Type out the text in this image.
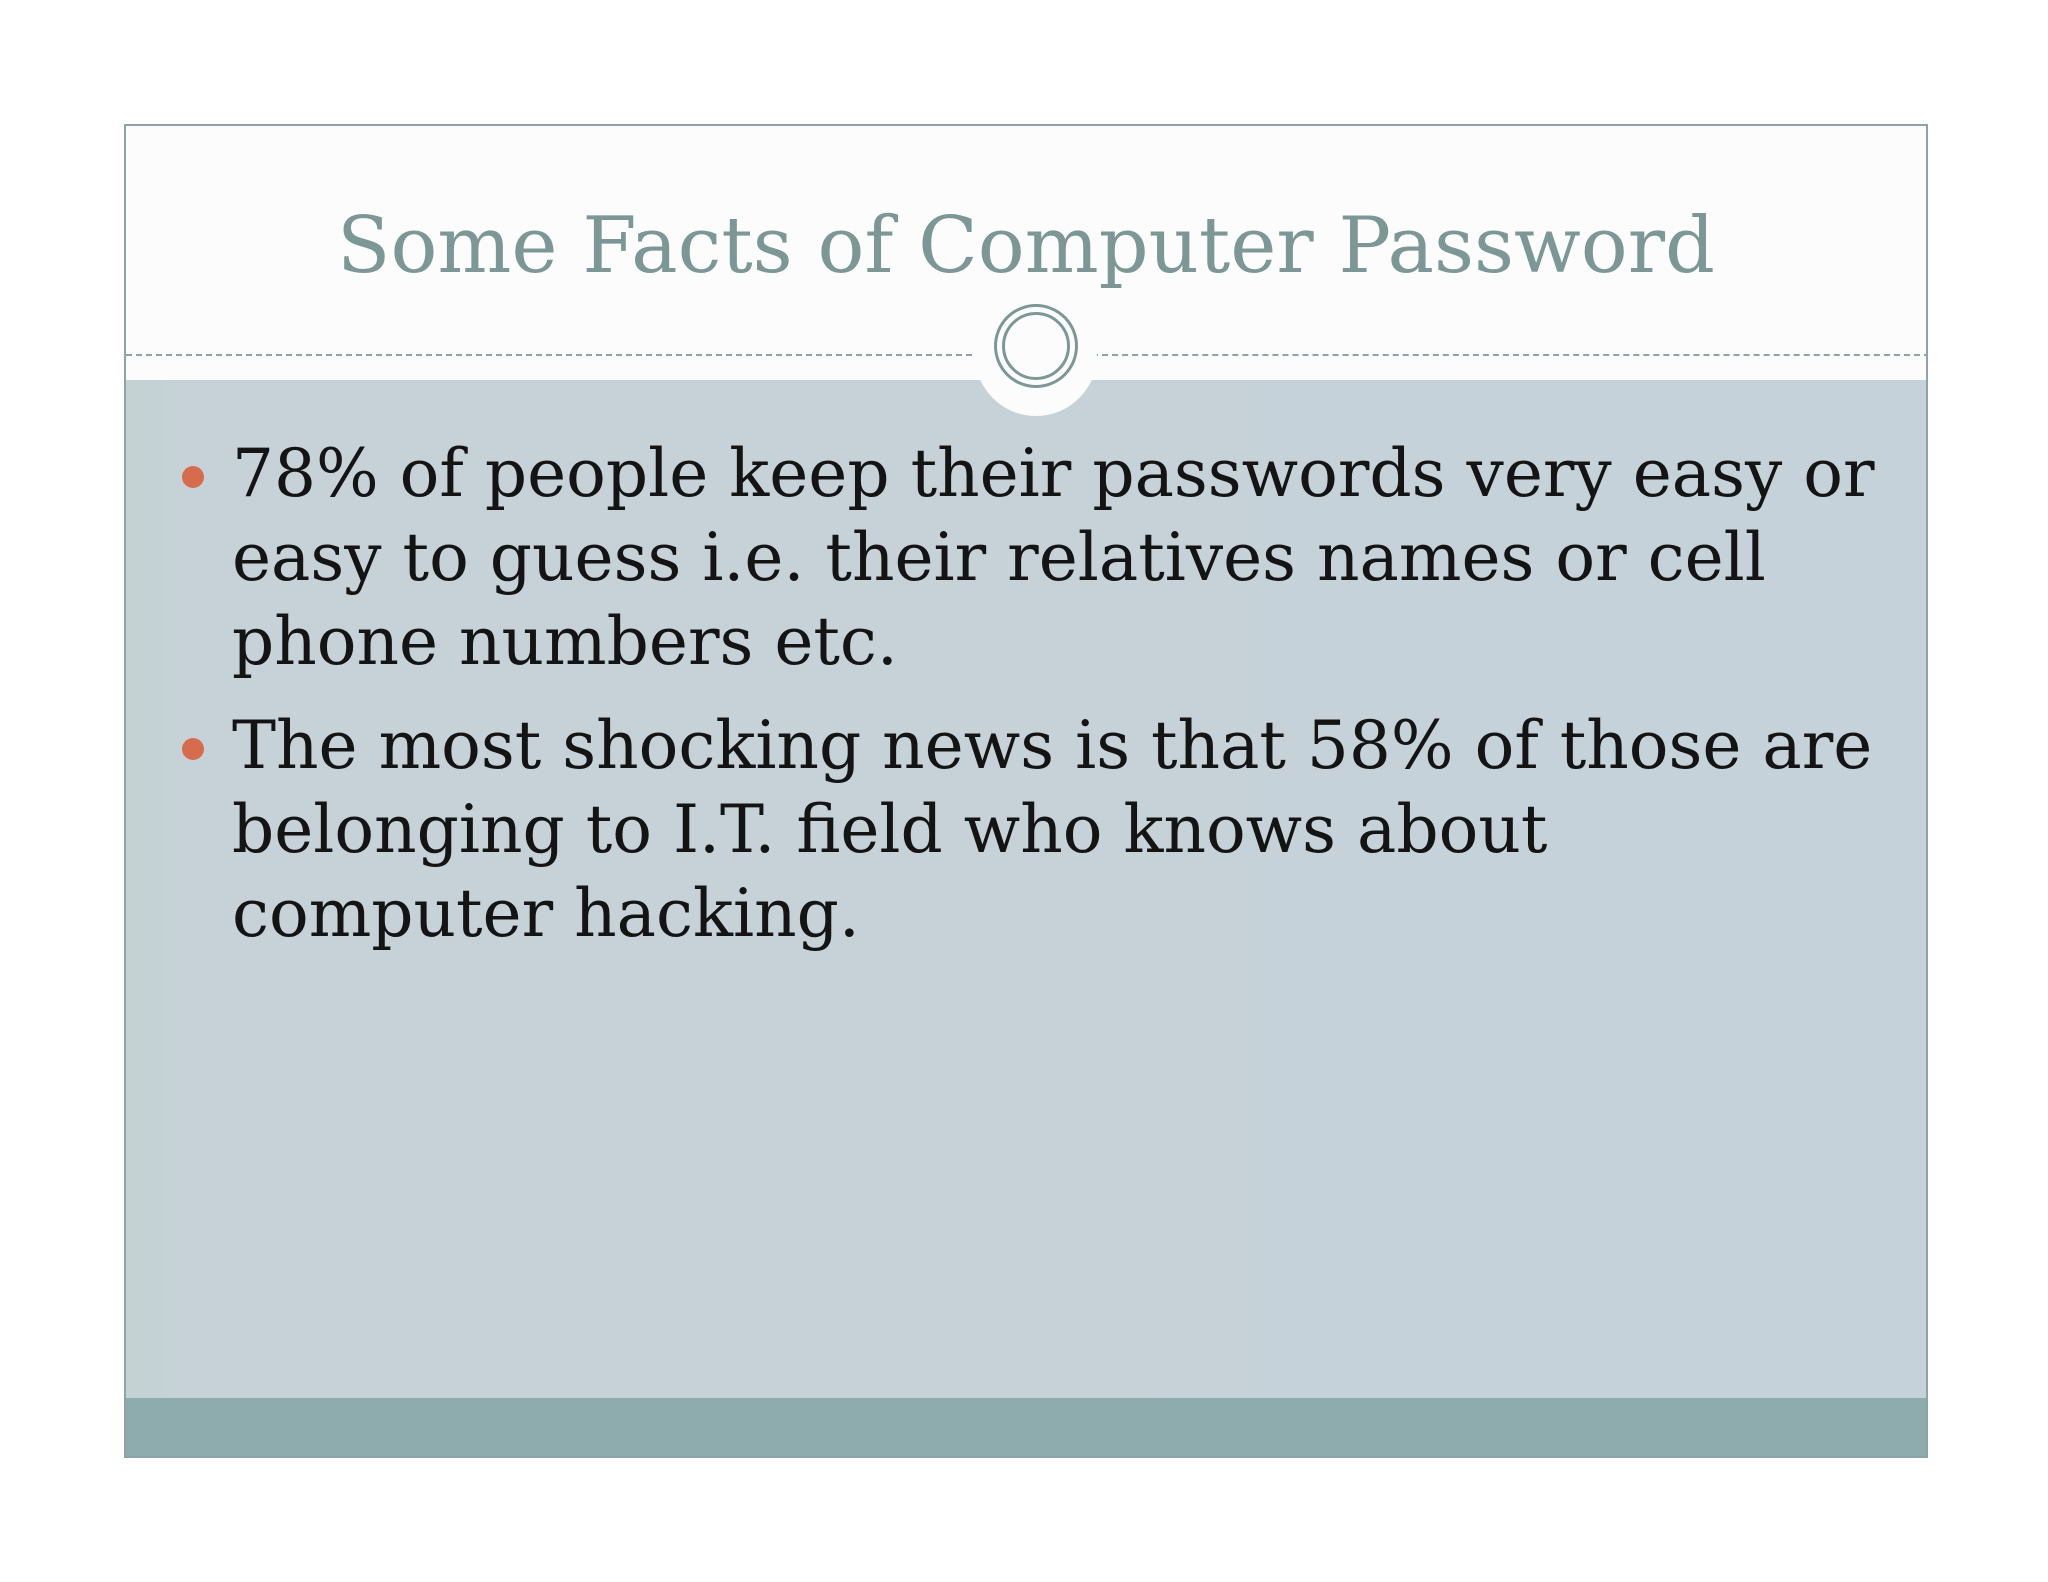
Some Facts of Computer Password
78% of people keep their passwords very easy or easy to guess i.e. their relatives names or cell phone numbers etc.
The most shocking news is that 58% of those are belonging to I.T. field who knows about computer hacking.
